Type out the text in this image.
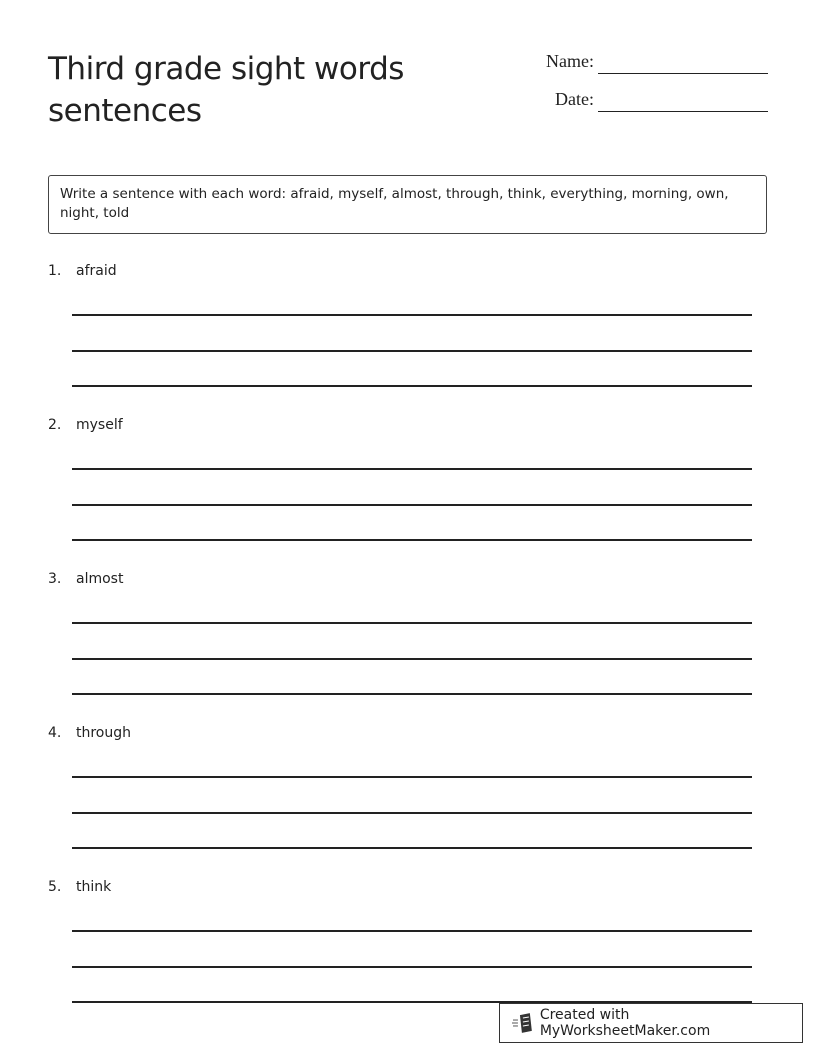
Third grade sight words sentences
Name:
Date:
Write a sentence with each word: afraid, myself, almost, through, think, everything, morning, own, night, told
1. afraid
2. myself
3. almost
4. through
5. think
Created with MyWorksheetMaker.com
